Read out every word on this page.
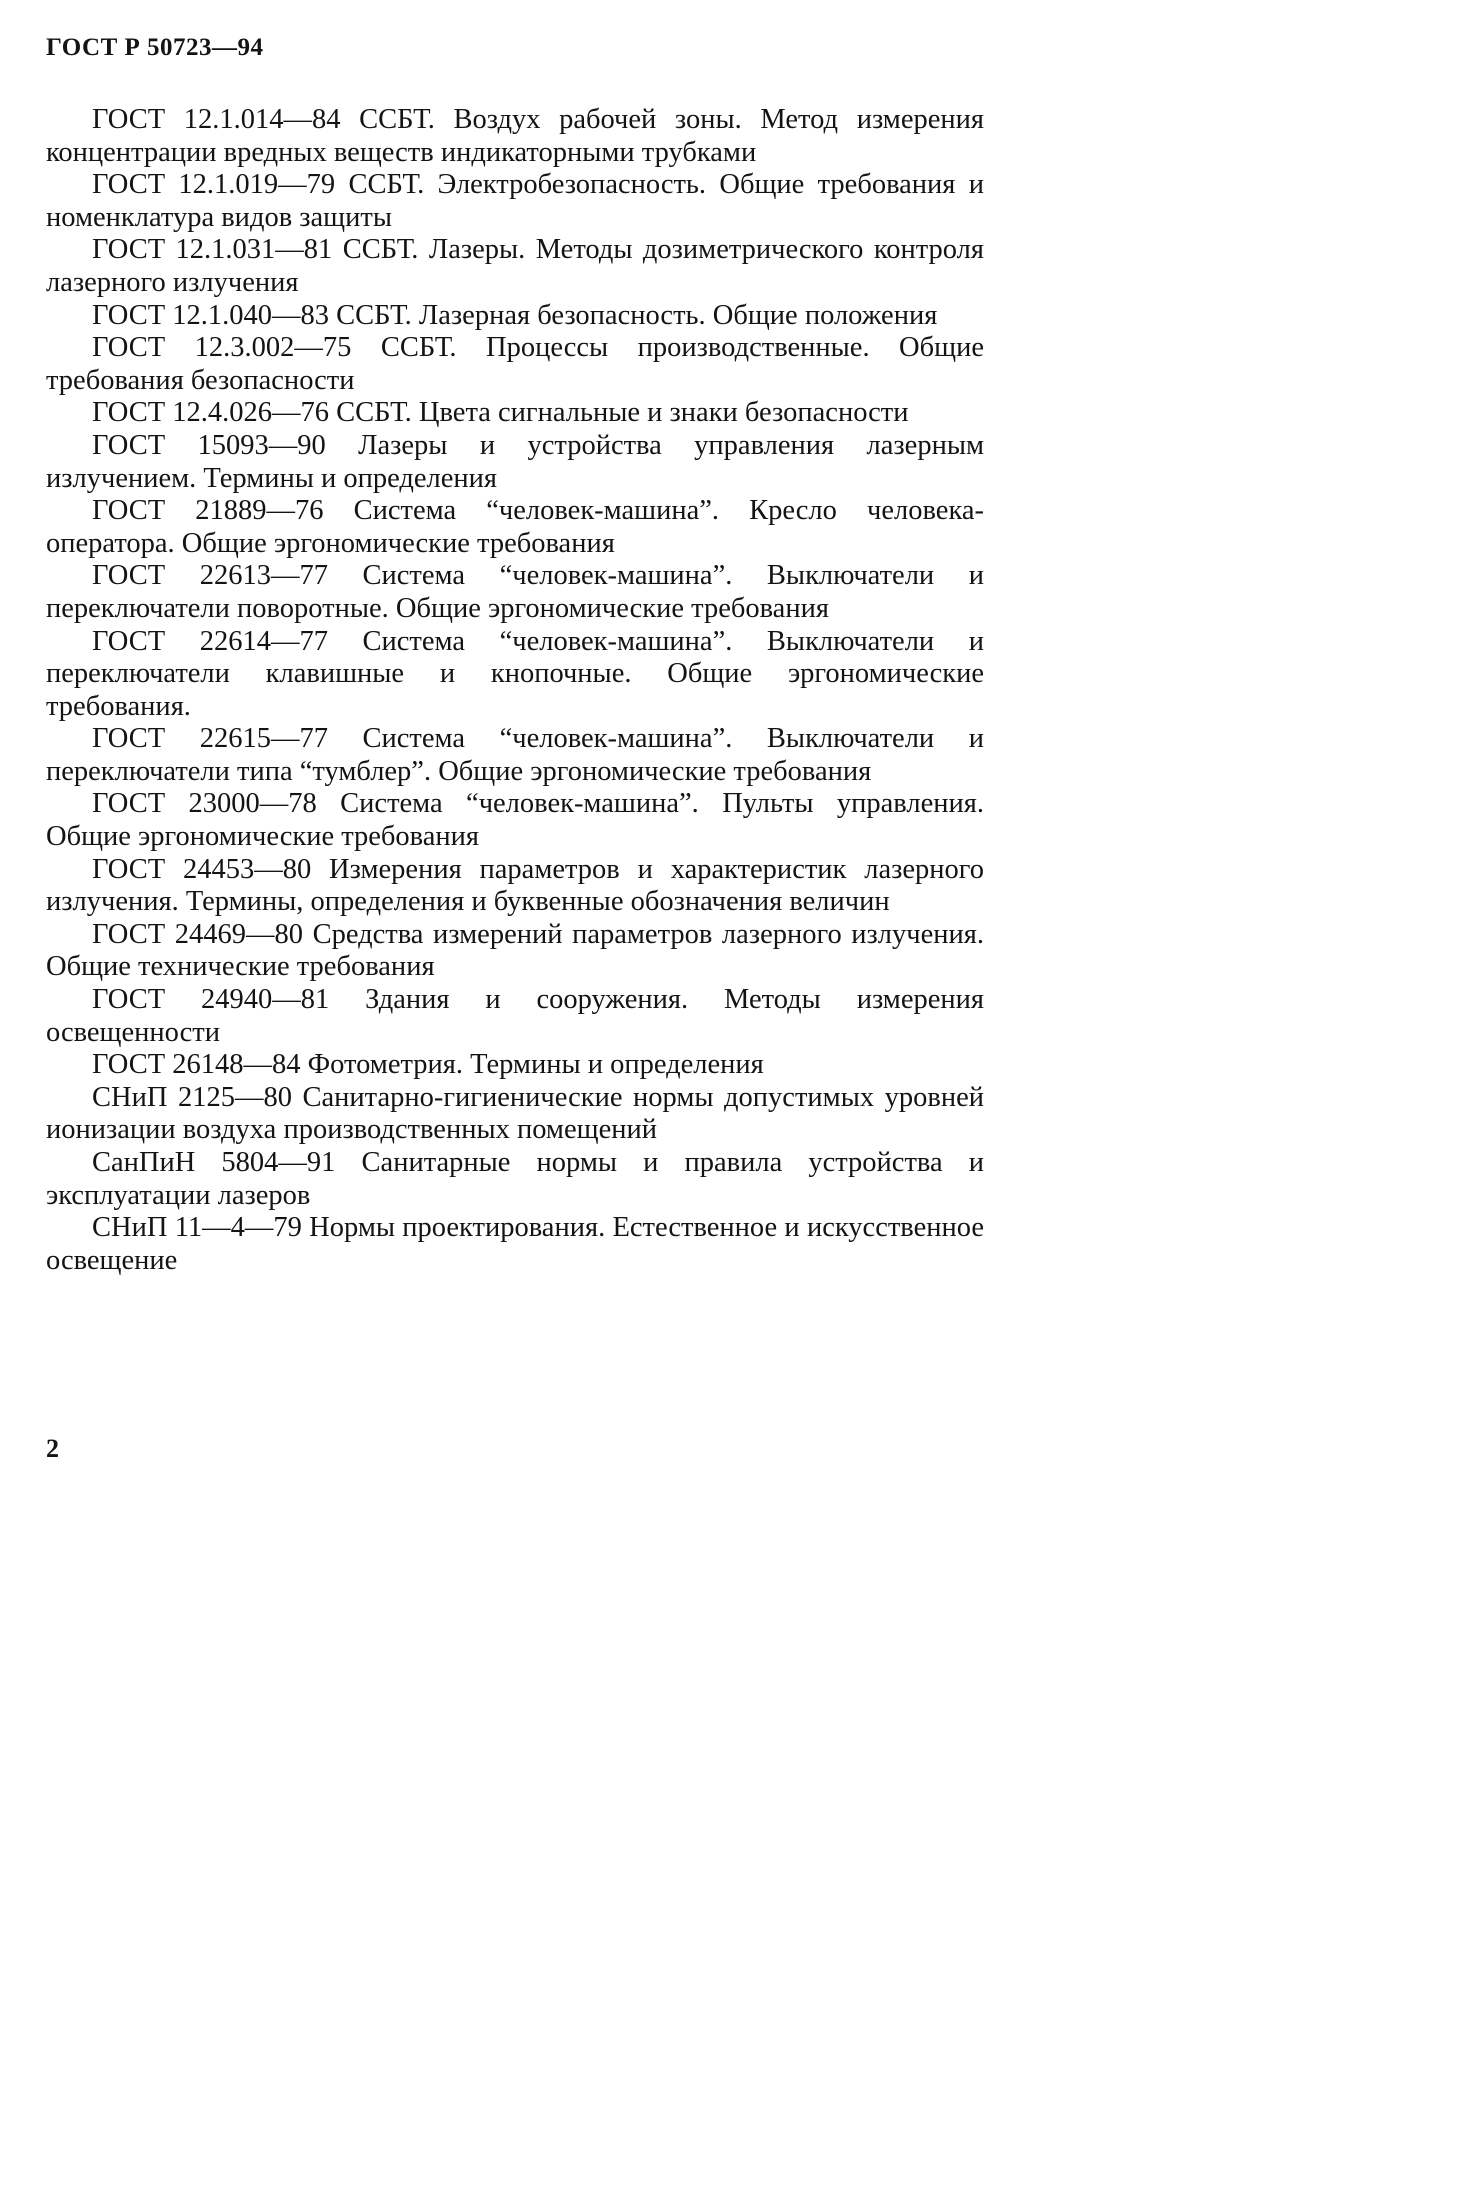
ГОСТ Р 50723—94

ГОСТ 12.1.014—84 ССБТ. Воздух рабочей зоны. Метод измерения концентрации вредных веществ индикаторными трубками

ГОСТ 12.1.019—79 ССБТ. Электробезопасность. Общие требования и номенклатура видов защиты

ГОСТ 12.1.031—81 ССБТ. Лазеры. Методы дозиметрического контроля лазерного излучения

ГОСТ 12.1.040—83 ССБТ. Лазерная безопасность. Общие положения

ГОСТ 12.3.002—75 ССБТ. Процессы производственные. Общие требования безопасности

ГОСТ 12.4.026—76 ССБТ. Цвета сигнальные и знаки безопасности

ГОСТ 15093—90 Лазеры и устройства управления лазерным излучением. Термины и определения

ГОСТ 21889—76 Система “человек-машина”. Кресло человека-оператора. Общие эргономические требования

ГОСТ 22613—77 Система “человек-машина”. Выключатели и переключатели поворотные. Общие эргономические требования

ГОСТ 22614—77 Система “человек-машина”. Выключатели и переключатели клавишные и кнопочные. Общие эргономические требования.

ГОСТ 22615—77 Система “человек-машина”. Выключатели и переключатели типа “тумблер”. Общие эргономические требования

ГОСТ 23000—78 Система “человек-машина”. Пульты управления. Общие эргономические требования

ГОСТ 24453—80 Измерения параметров и характеристик лазерного излучения. Термины, определения и буквенные обозначения величин

ГОСТ 24469—80 Средства измерений параметров лазерного излучения. Общие технические требования

ГОСТ 24940—81 Здания и сооружения. Методы измерения освещенности

ГОСТ 26148—84 Фотометрия. Термины и определения

СНиП 2125—80 Санитарно-гигиенические нормы допустимых уровней ионизации воздуха производственных помещений

СанПиН 5804—91 Санитарные нормы и правила устройства и эксплуатации лазеров

СНиП 11—4—79 Нормы проектирования. Естественное и искусственное освещение

2
